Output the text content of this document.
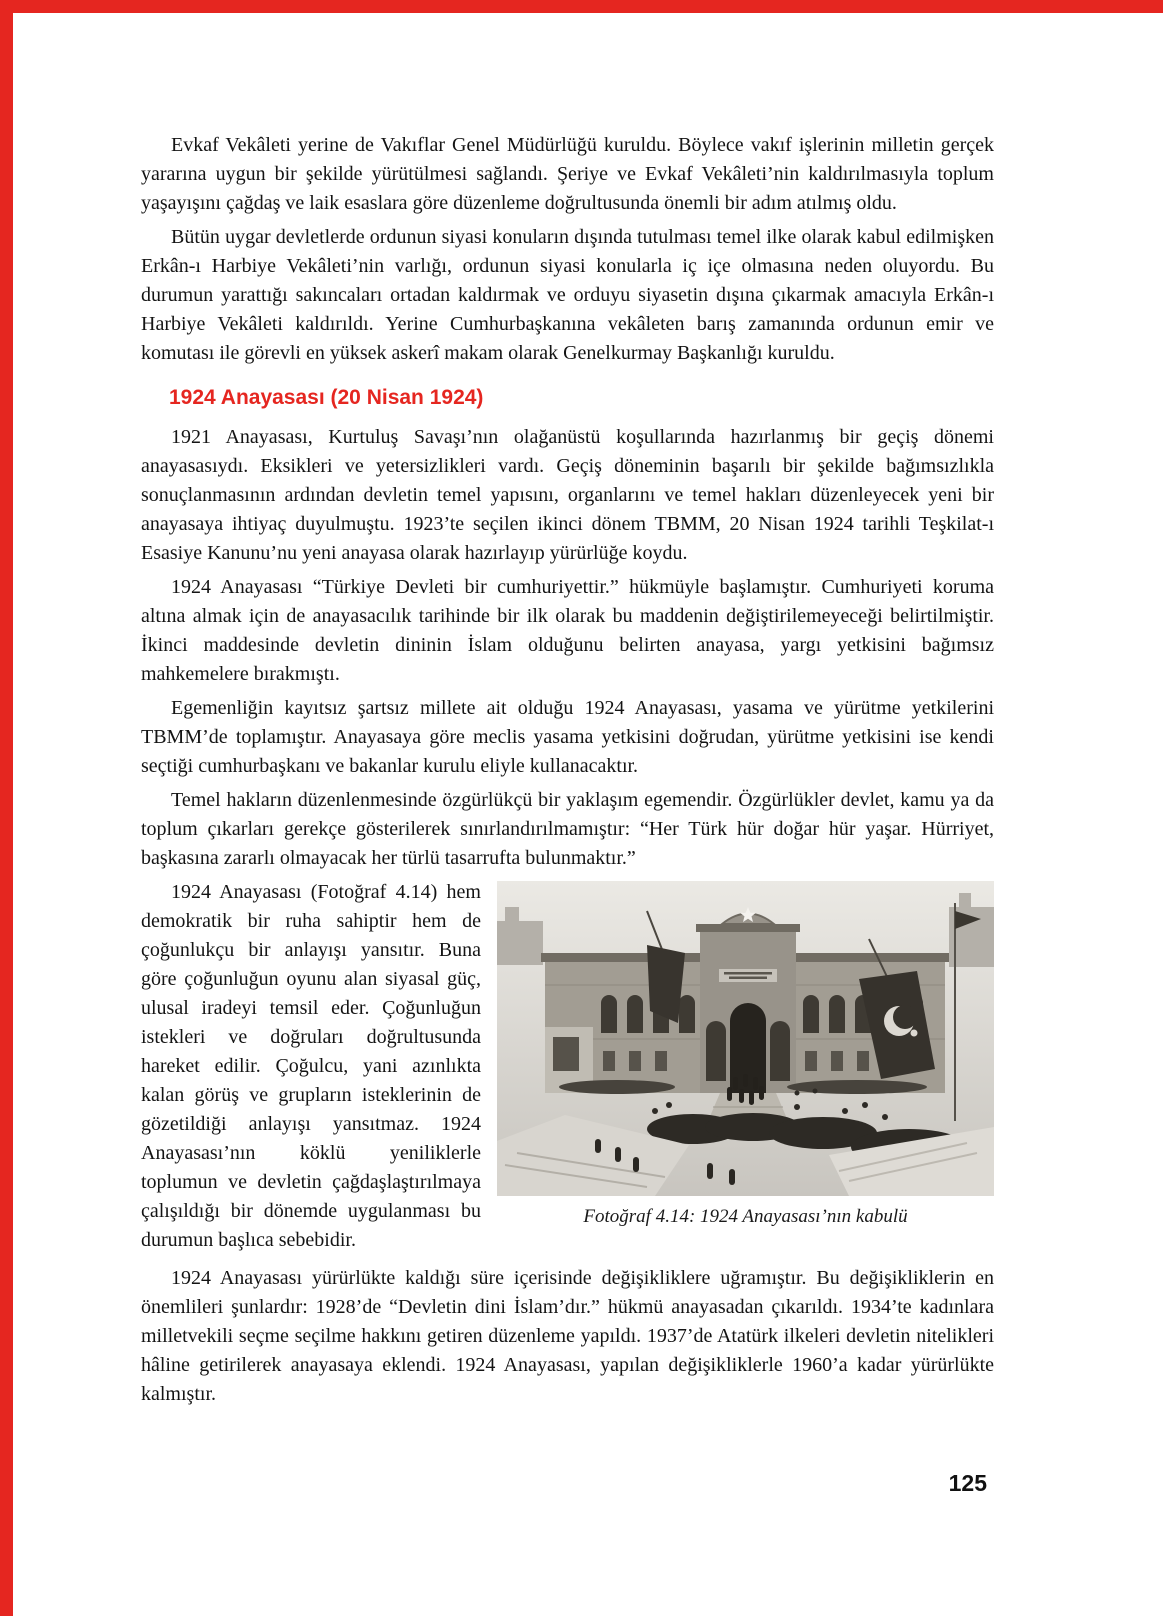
Evkaf Vekâleti yerine de Vakıflar Genel Müdürlüğü kuruldu. Böylece vakıf işlerinin milletin gerçek yararına uygun bir şekilde yürütülmesi sağlandı. Şeriye ve Evkaf Vekâleti’nin kaldırılmasıyla toplum yaşayışını çağdaş ve laik esaslara göre düzenleme doğrultusunda önemli bir adım atılmış oldu.

Bütün uygar devletlerde ordunun siyasi konuların dışında tutulması temel ilke olarak kabul edilmişken Erkân-ı Harbiye Vekâleti’nin varlığı, ordunun siyasi konularla iç içe olmasına neden oluyordu. Bu durumun yarattığı sakıncaları ortadan kaldırmak ve orduyu siyasetin dışına çıkarmak amacıyla Erkân-ı Harbiye Vekâleti kaldırıldı. Yerine Cumhurbaşkanına vekâleten barış zamanında ordunun emir ve komutası ile görevli en yüksek askerî makam olarak Genelkurmay Başkanlığı kuruldu.

1924 Anayasası (20 Nisan 1924)

1921 Anayasası, Kurtuluş Savaşı’nın olağanüstü koşullarında hazırlanmış bir geçiş dönemi anayasasıydı. Eksikleri ve yetersizlikleri vardı. Geçiş döneminin başarılı bir şekilde bağımsızlıkla sonuçlanmasının ardından devletin temel yapısını, organlarını ve temel hakları düzenleyecek yeni bir anayasaya ihtiyaç duyulmuştu. 1923’te seçilen ikinci dönem TBMM, 20 Nisan 1924 tarihli Teşkilat-ı Esasiye Kanunu’nu yeni anayasa olarak hazırlayıp yürürlüğe koydu.

1924 Anayasası “Türkiye Devleti bir cumhuriyettir.” hükmüyle başlamıştır. Cumhuriyeti koruma altına almak için de anayasacılık tarihinde bir ilk olarak bu maddenin değiştirilemeyeceği belirtilmiştir. İkinci maddesinde devletin dininin İslam olduğunu belirten anayasa, yargı yetkisini bağımsız mahkemelere bırakmıştı.

Egemenliğin kayıtsız şartsız millete ait olduğu 1924 Anayasası, yasama ve yürütme yetkilerini TBMM’de toplamıştır. Anayasaya göre meclis yasama yetkisini doğrudan, yürütme yetkisini ise kendi seçtiği cumhurbaşkanı ve bakanlar kurulu eliyle kullanacaktır.

Temel hakların düzenlenmesinde özgürlükçü bir yaklaşım egemendir. Özgürlükler devlet, kamu ya da toplum çıkarları gerekçe gösterilerek sınırlandırılmamıştır: “Her Türk hür doğar hür yaşar. Hürriyet, başkasına zararlı olmayacak her türlü tasarrufta bulunmaktır.”

1924 Anayasası (Fotoğraf 4.14) hem demokratik bir ruha sahiptir hem de çoğunlukçu bir anlayışı yansıtır. Buna göre çoğunluğun oyunu alan siyasal güç, ulusal iradeyi temsil eder. Çoğunluğun istekleri ve doğruları doğrultusunda hareket edilir. Çoğulcu, yani azınlıkta kalan görüş ve grupların isteklerinin de gözetildiği anlayışı yansıtmaz. 1924 Anayasası’nın köklü yeniliklerle toplumun ve devletin çağdaşlaştırılmaya çalışıldığı bir dönemde uygulanması bu durumun başlıca sebebidir.

Fotoğraf 4.14: 1924 Anayasası’nın kabulü

1924 Anayasası yürürlükte kaldığı süre içerisinde değişikliklere uğramıştır. Bu değişikliklerin en önemlileri şunlardır: 1928’de “Devletin dini İslam’dır.” hükmü anayasadan çıkarıldı. 1934’te kadınlara milletvekili seçme seçilme hakkını getiren düzenleme yapıldı. 1937’de Atatürk ilkeleri devletin nitelikleri hâline getirilerek anayasaya eklendi. 1924 Anayasası, yapılan değişikliklerle 1960’a kadar yürürlükte kalmıştır.

125
